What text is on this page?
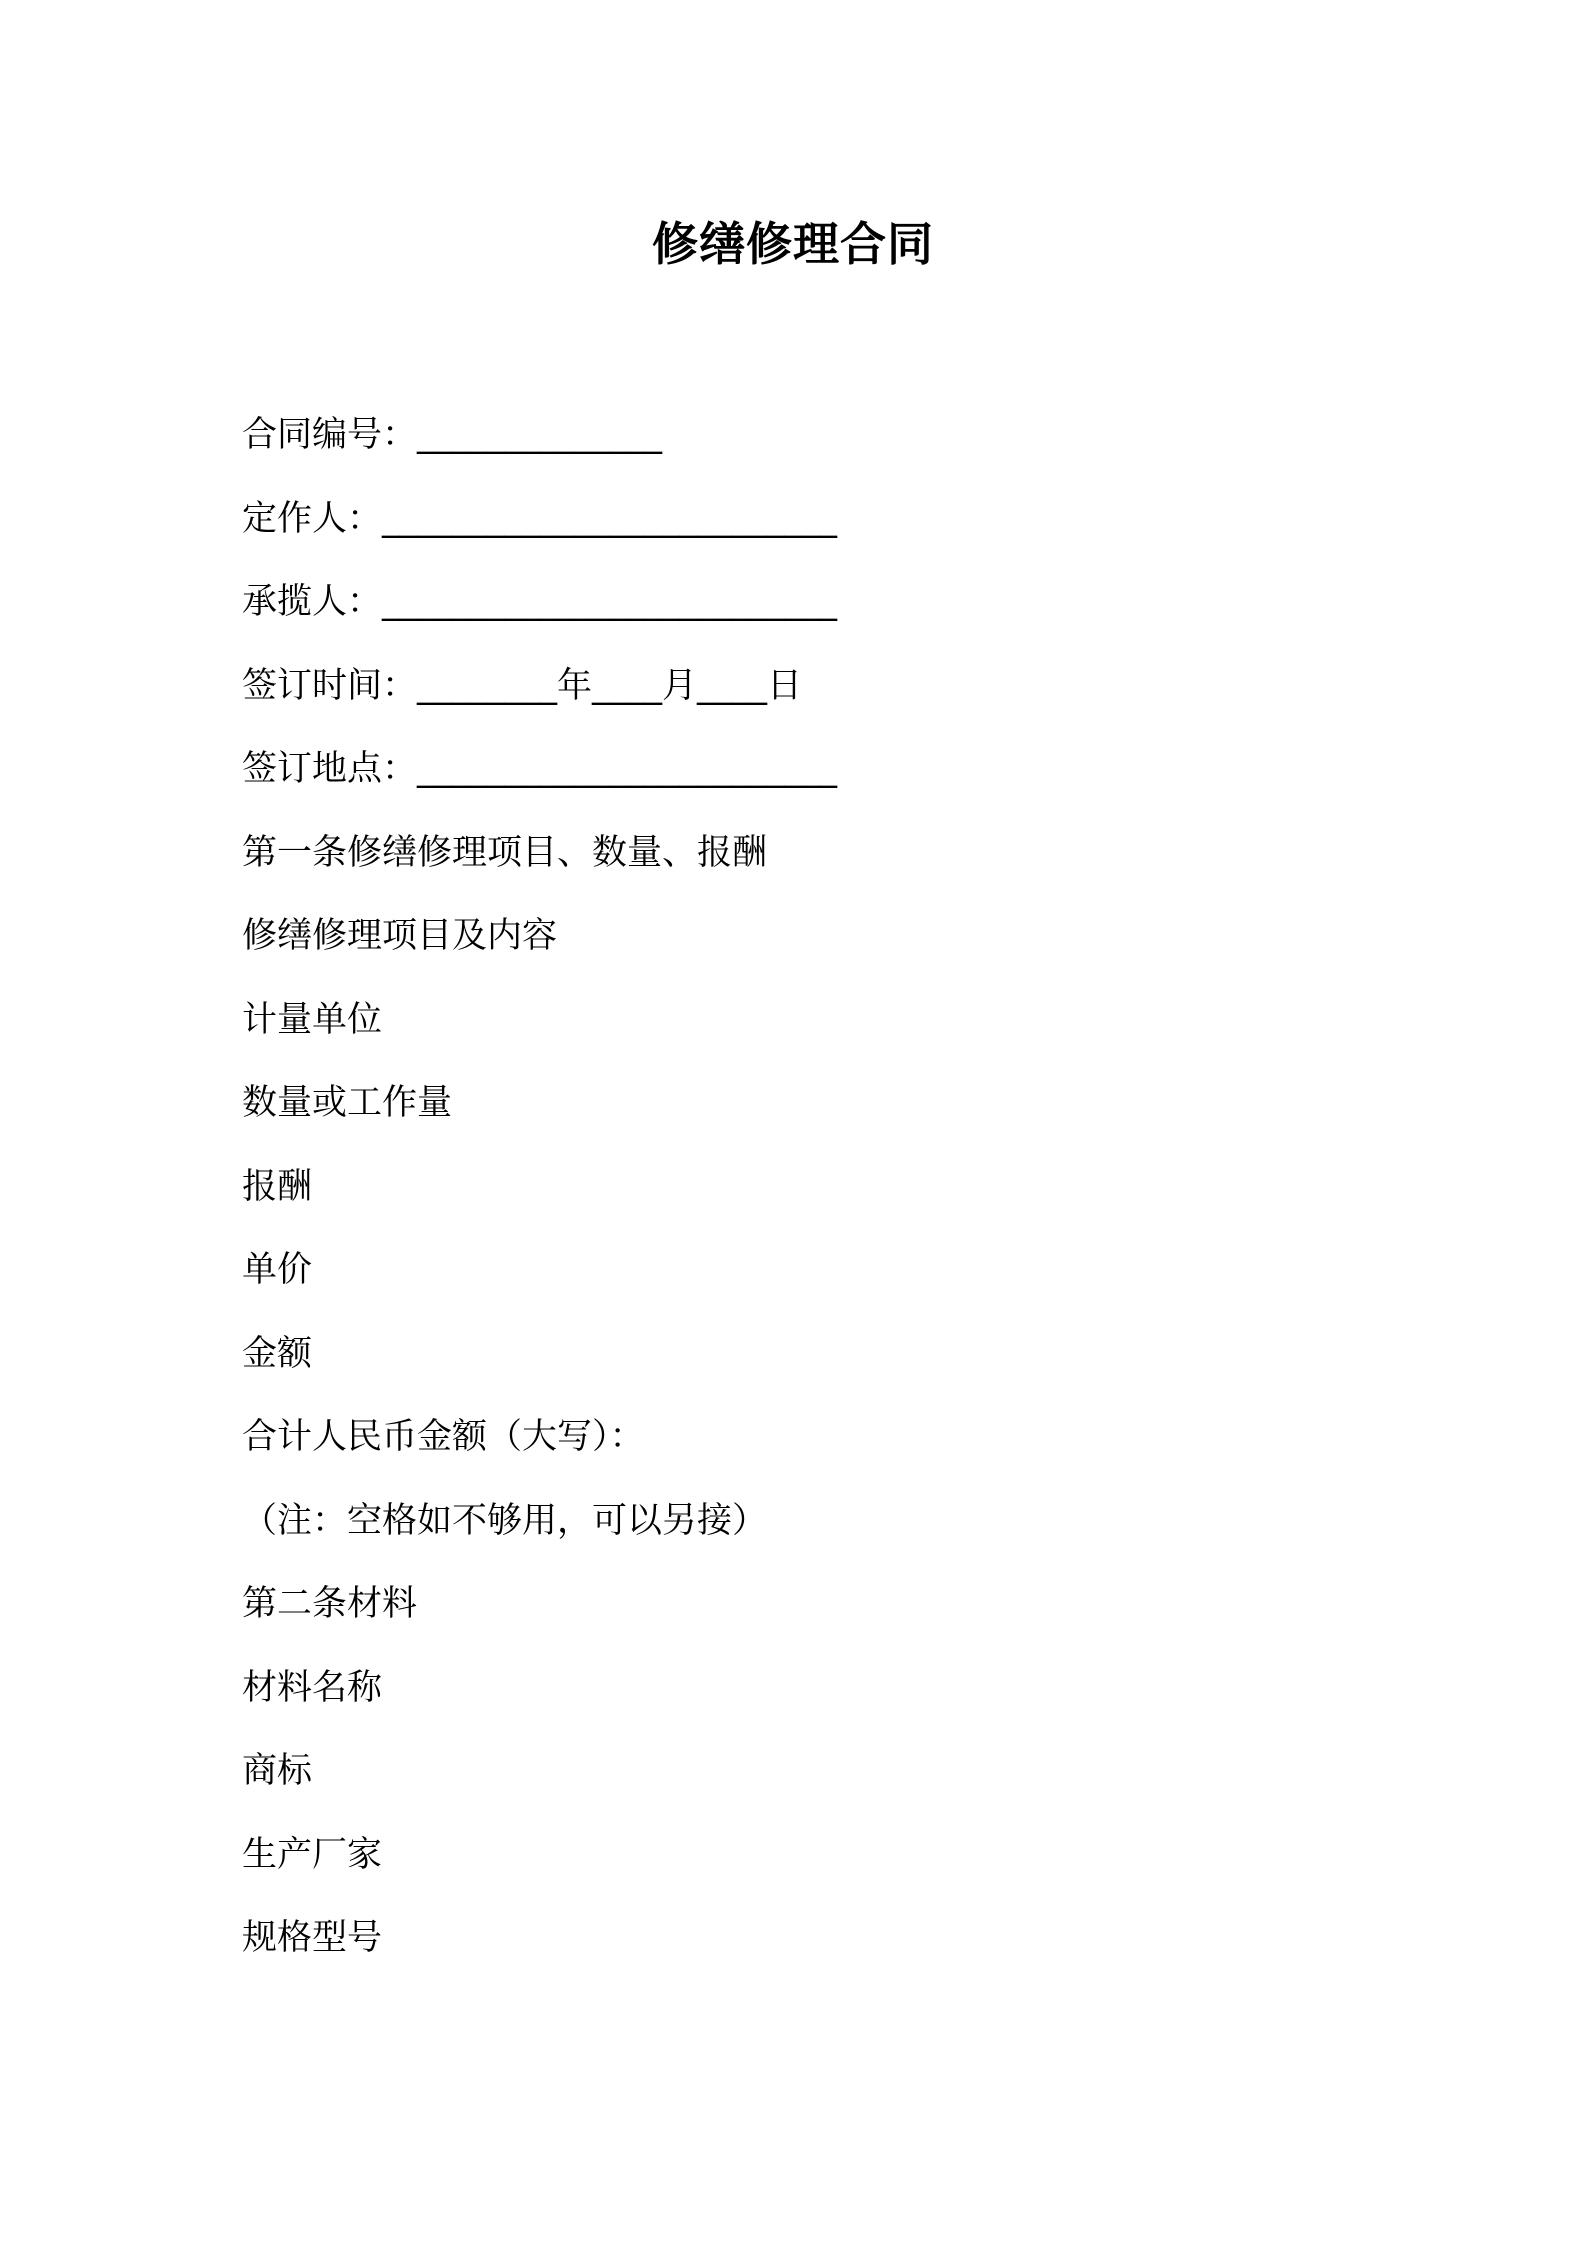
修缮修理合同
合同编号：______________
定作人：__________________________
承揽人：__________________________
签订时间：________年____月____日
签订地点：________________________
第一条修缮修理项目、数量、报酬
修缮修理项目及内容
计量单位
数量或工作量
报酬
单价
金额
合计人民币金额（大写）：
（注：空格如不够用，可以另接）
第二条材料
材料名称
商标
生产厂家
规格型号
